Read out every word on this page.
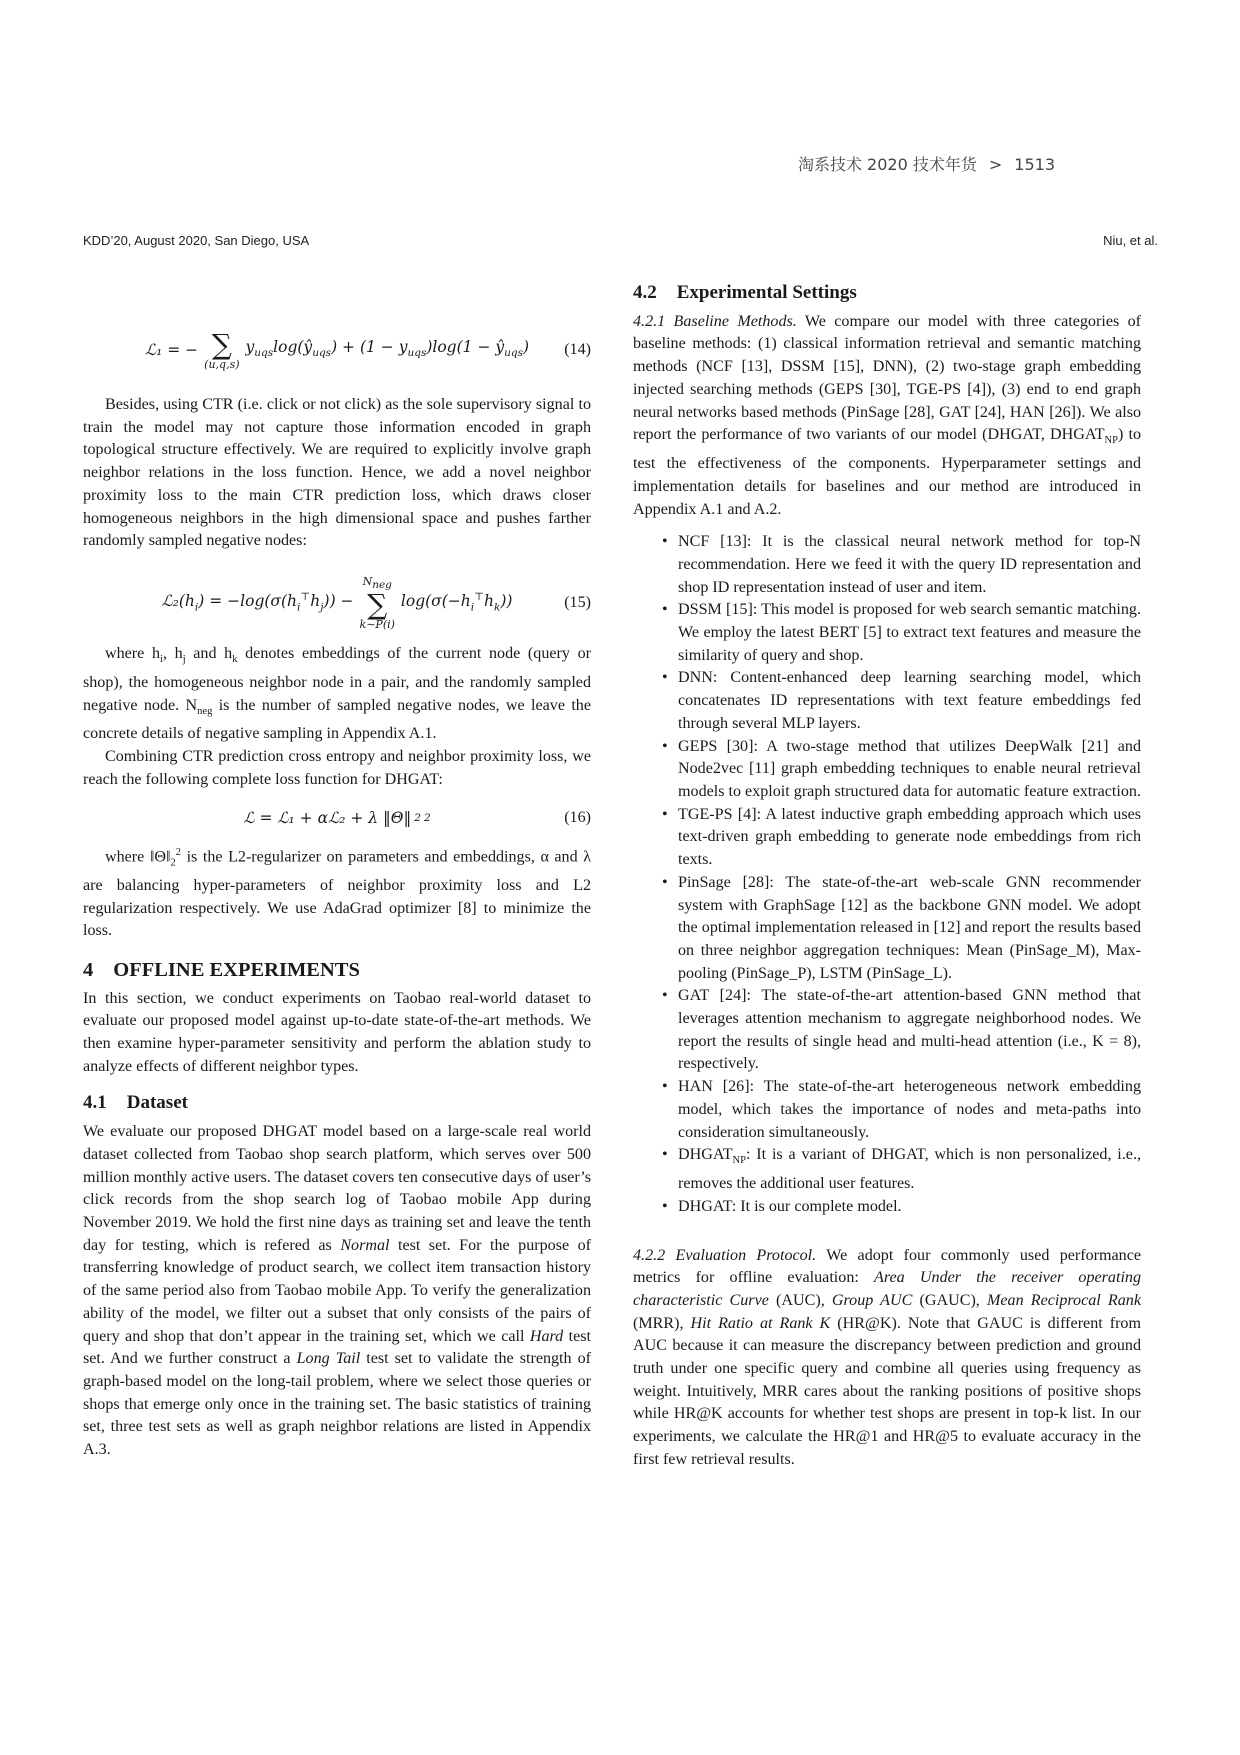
淘系技术 2020 技术年货 > 1513
KDD’20, August 2020, San Diego, USA	Niu, et al.
ℒ₁ = − ∑
(u,q,s)
$y_{uqs}\log(ŷ_{uqs}) + (1 - y_{uqs})\log(1$ − $ŷ_{uqs}$) (14)

Besides, using CTR (i.e. click or not click) as the sole supervisory signal to train the model may not capture those information encoded in graph topological structure effectively. We are required to explicitly involve graph neighbor relations in the loss function. Hence, we add a novel neighbor proximity loss to the main CTR prediction loss, which draws closer homogeneous neighbors in the high dimensional space and pushes farther randomly sampled negative nodes:

$ℒ_2(h_i) = -\log(\sigma(h_i^⊤h_j))$ −
$N_{neg}$
∑
k∼P(i)
$\log(\sigma(-h_i^⊤h_k))$	(15)

where $h_i$, $h_j$ and $h_k$ denotes embeddings of the current node (query or shop), the homogeneous neighbor node in a pair, and the randomly sampled negative node. $N_{neg}$ is the number of sampled negative nodes, we leave the concrete details of negative sampling in Appendix A.1.

Combining CTR prediction cross entropy and neighbor proximity loss, we reach the following complete loss function for DHGAT:

ℒ = ℒ₁ + αℒ₂ + λ ‖Θ‖ 2 2	(16)

where $‖\Theta‖_2^2$ is the L2-regularizer on parameters and embeddings, α and λ are balancing hyper-parameters of neighbor proximity loss and L2 regularization respectively. We use AdaGrad optimizer [8] to minimize the loss.

4 OFFLINE EXPERIMENTS

In this section, we conduct experiments on Taobao real-world dataset to evaluate our proposed model against up-to-date state-of-the-art methods. We then examine hyper-parameter sensitivity and perform the ablation study to analyze effects of different neighbor types.

4.1 Dataset

We evaluate our proposed DHGAT model based on a large-scale real world dataset collected from Taobao shop search platform, which serves over 500 million monthly active users. The dataset covers ten consecutive days of user’s click records from the shop search log of Taobao mobile App during November 2019. We hold the first nine days as training set and leave the tenth day for testing, which is refered as Normal test set. For the purpose of transferring knowledge of product search, we collect item transaction history of the same period also from Taobao mobile App. To verify the generalization ability of the model, we filter out a subset that only consists of the pairs of query and shop that don’t appear in the training set, which we call Hard test set. And we further construct a Long Tail test set to validate the strength of graph-based model on the long-tail problem, where we select those queries or shops that emerge only once in the training set. The basic statistics of training set, three test sets as well as graph neighbor relations are listed in Appendix A.3.

4.2 Experimental Settings

4.2.1 Baseline Methods. We compare our model with three categories of baseline methods: (1) classical information retrieval and semantic matching methods (NCF [13], DSSM [15], DNN), (2) two-stage graph embedding injected searching methods (GEPS [30], TGE-PS [4]), (3) end to end graph neural networks based methods (PinSage [28], GAT [24], HAN [26]). We also report the performance of two variants of our model (DHGAT, $DHGAT_{NP}$) to test the effectiveness of the components. Hyperparameter settings and implementation details for baselines and our method are introduced in Appendix A.1 and A.2.

• NCF [13]: It is the classical neural network method for top-N recommendation. Here we feed it with the query ID representation and shop ID representation instead of user and item.
• DSSM [15]: This model is proposed for web search semantic matching. We employ the latest BERT [5] to extract text features and measure the similarity of query and shop.
• DNN: Content-enhanced deep learning searching model, which concatenates ID representations with text feature embeddings fed through several MLP layers.
• GEPS [30]: A two-stage method that utilizes DeepWalk [21] and Node2vec [11] graph embedding techniques to enable neural retrieval models to exploit graph structured data for automatic feature extraction.
• TGE-PS [4]: A latest inductive graph embedding approach which uses text-driven graph embedding to generate node embeddings from rich texts.
• PinSage [28]: The state-of-the-art web-scale GNN recommender system with GraphSage [12] as the backbone GNN model. We adopt the optimal implementation released in [12] and report the results based on three neighbor aggregation techniques: Mean (PinSage_M), Max-pooling (PinSage_P), LSTM (PinSage_L).
• GAT [24]: The state-of-the-art attention-based GNN method that leverages attention mechanism to aggregate neighborhood nodes. We report the results of single head and multi-head attention (i.e., K = 8), respectively.
• HAN [26]: The state-of-the-art heterogeneous network embedding model, which takes the importance of nodes and meta-paths into consideration simultaneously.
• $DHGAT_{NP}$: It is a variant of DHGAT, which is non personalized, i.e., removes the additional user features.
• DHGAT: It is our complete model.

4.2.2 Evaluation Protocol. We adopt four commonly used performance metrics for offline evaluation: Area Under the receiver operating characteristic Curve (AUC), Group AUC (GAUC), Mean Reciprocal Rank (MRR), Hit Ratio at Rank K (HR@K). Note that GAUC is different from AUC because it can measure the discrepancy between prediction and ground truth under one specific query and combine all queries using frequency as weight. Intuitively, MRR cares about the ranking positions of positive shops while HR@K accounts for whether test shops are present in top-k list. In our experiments, we calculate the HR@1 and HR@5 to evaluate accuracy in the first few retrieval results.
